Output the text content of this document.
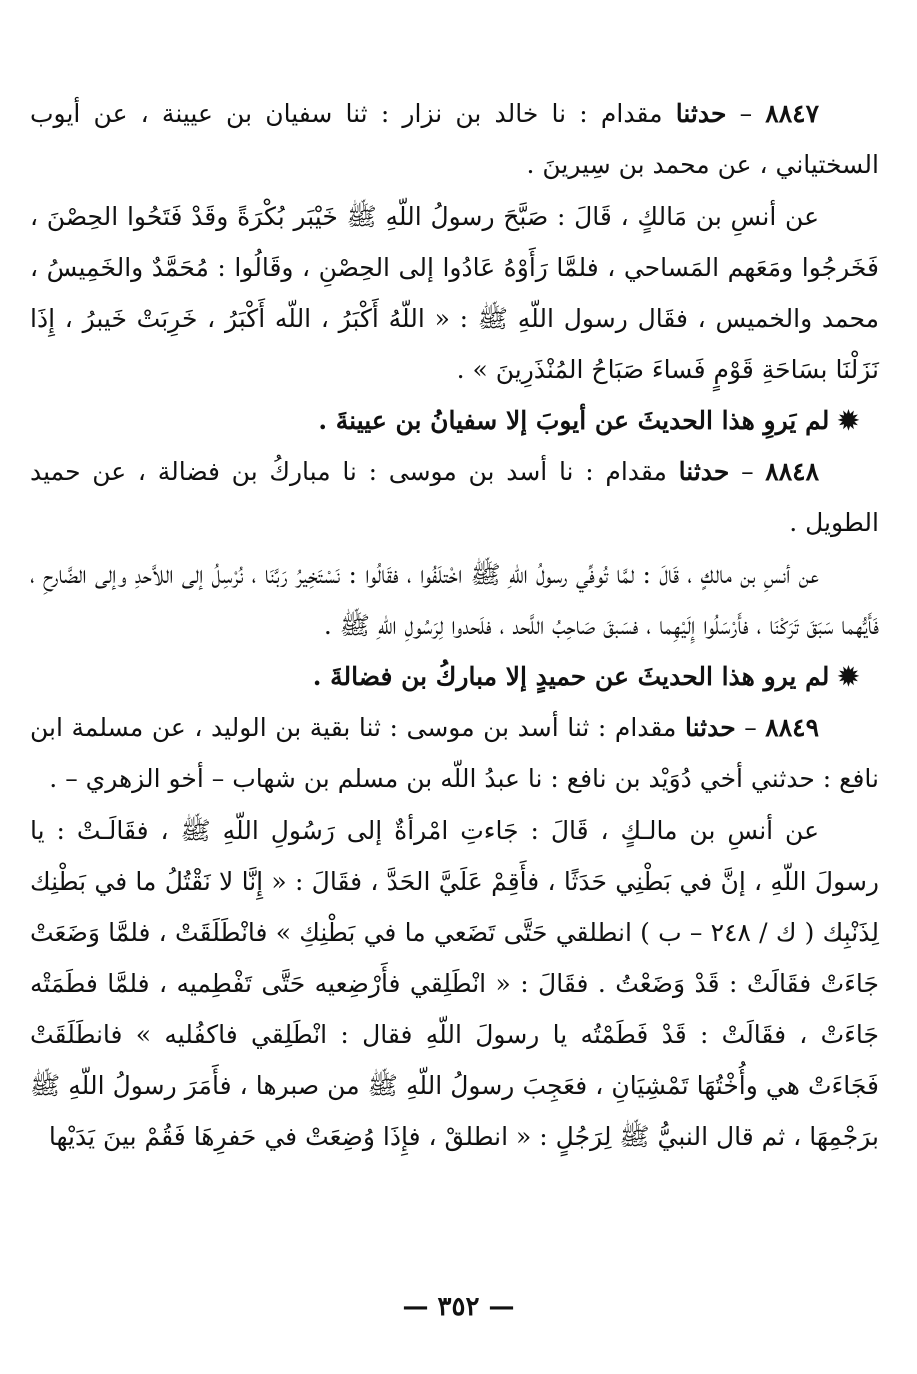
٨٨٤٧ – حدثنا مقدام : نا خالد بن نزار : ثنا سفيان بن عيينة ، عن أيوب السختياني ، عن محمد بن سِيرينَ .

عن أنسِ بن مَالكٍ ، قَالَ : صَبَّحَ رسولُ اللّهِ ﷺ خَيْبَر بُكْرَةً وقَدْ فَتَحُوا الحِصْنَ ، فَخَرجُوا ومَعَهم المَساحي ، فلمَّا رَأَوْهُ عَادُوا إلى الحِصْنِ ، وقَالُوا : مُحَمَّدٌ والخَمِيسُ ، محمد والخميس ، فقَال رسول اللّهِ ﷺ : « اللّهُ أَكْبَرُ ، اللّه أَكْبَرُ ، خَرِبَتْ خَيبرُ ، إِذَا نَزَلْنَا بسَاحَةِ قَوْمٍ فَساءَ صَبَاحُ المُنْذَرِينَ » .

✹ لم يَروِ هذا الحديثَ عن أيوبَ إلا سفيانُ بن عيينةَ .

٨٨٤٨ – حدثنا مقدام : نا أسد بن موسى : نا مباركُ بن فضالة ، عن حميد الطويل .

عن أنسِ بن مالكٍ ، قَالَ : لمَّا تُوفِّي رسولُ اللّهِ ﷺ اخْتلَفُوا ، فقَالُوا : نَسْتَخِيرُ رَبَّنَا ، نُرْسِلُ إلى اللاَّحدِ وإلى الضَّارحِ ، فَأَيُّهما سَبَقَ تَرَكْنَا ، فأَرْسَلُوا إِلَيْهِما ، فسَبقَ صَاحِبُ اللَّحد ، فلَحدوا لِرَسُولِ اللّهِ ﷺ .

✹ لم يرو هذا الحديثَ عن حميدٍ إلا مباركُ بن فضالةَ .

٨٨٤٩ – حدثنا مقدام : ثنا أسد بن موسى : ثنا بقية بن الوليد ، عن مسلمة ابن نافع : حدثني أخي دُوَيْد بن نافع : نا عبدُ اللّه بن مسلم بن شهاب – أخو الزهري – .

عن أنسِ بن مالـكٍ ، قَالَ : جَاءتِ امْرأةٌ إلى رَسُولِ اللّهِ ﷺ ، فقَالَـتْ : يا رسولَ اللّهِ ، إنَّ في بَطْنِي حَدَثًا ، فأَقِمْ عَلَيَّ الحَدَّ ، فقَالَ : « إِنَّا لا نَقْتُلُ ما في بَطْنِك لِذَنْبِك ( ك / ٢٤٨ – ب ) انطلقي حَتَّى تَضَعي ما في بَطْنِكِ » فانْطَلَقَتْ ، فلمَّا وَضَعَتْ جَاءَتْ فقَالَتْ : قَدْ وَضَعْتُ . فقَالَ : « انْطَلِقي فأَرْضِعيه حَتَّى تَفْطِميه ، فلمَّا فطَمَتْه جَاءَتْ ، فقَالَتْ : قَدْ فَطَمْتُه يا رسولَ اللّهِ فقال : انْطَلِقي فاكفُليه » فانطَلَقَتْ فَجَاءَتْ هي وأُخْتُهَا تَمْشِيَانِ ، فعَجِبَ رسولُ اللّهِ ﷺ من صبرها ، فأَمَرَ رسولُ اللّهِ ﷺ برَجْمِهَا ، ثم قال النبيُّ ﷺ لِرَجُلٍ : « انطلقْ ، فإِذَا وُضِعَتْ في حَفرِهَا فَقُمْ بينَ يَدَيْها

— ٣٥٢ —
